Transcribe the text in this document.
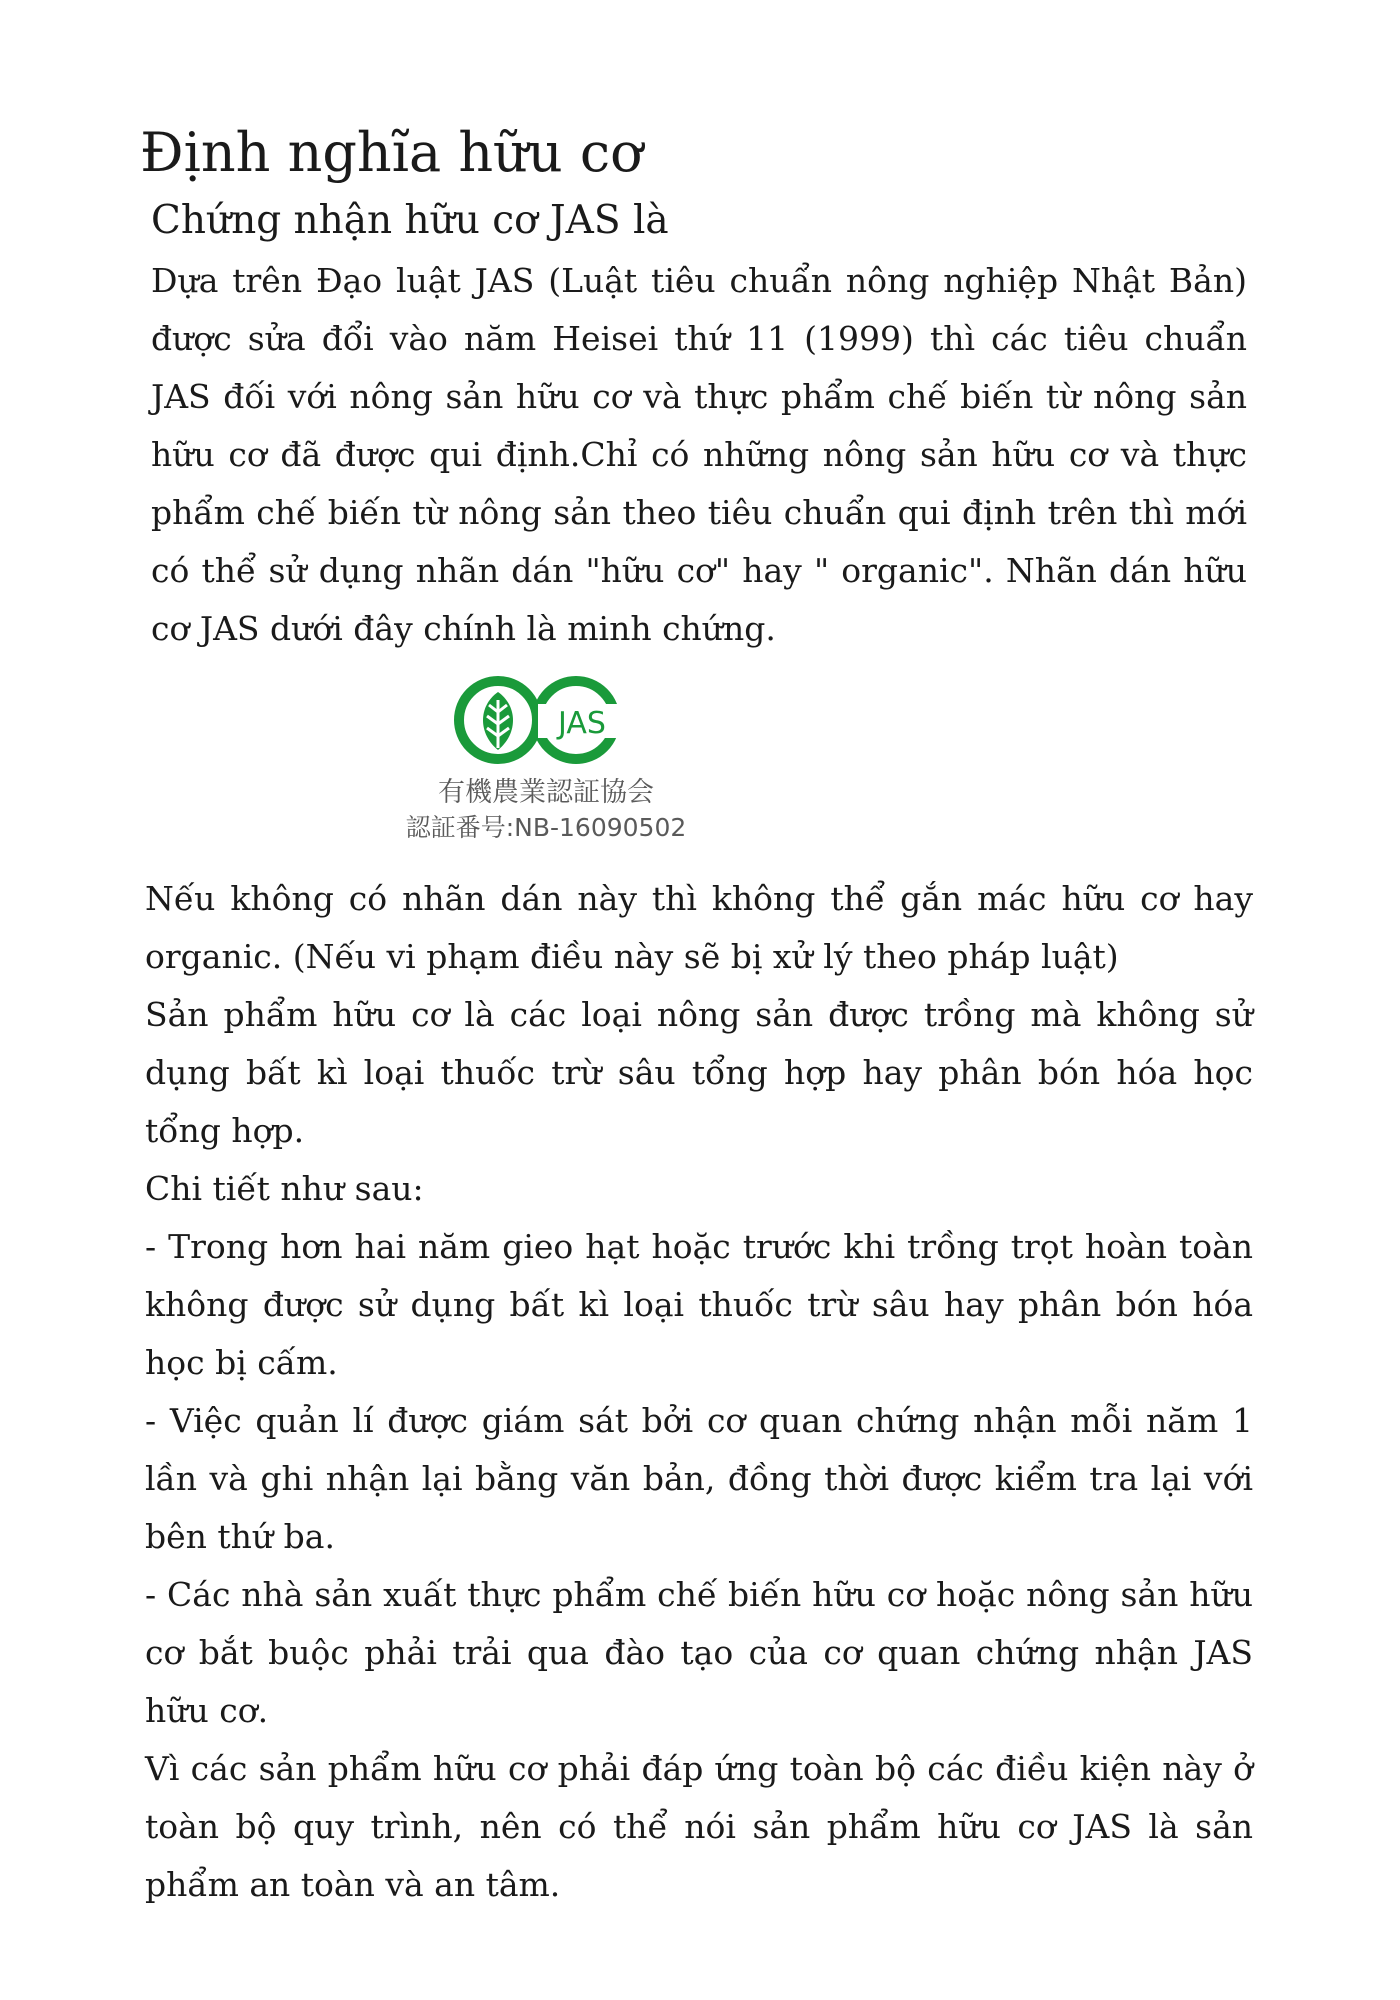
Định nghĩa hữu cơ
Chứng nhận hữu cơ JAS là

Dựa trên Đạo luật JAS (Luật tiêu chuẩn nông nghiệp Nhật Bản) được sửa đổi vào năm Heisei thứ 11 (1999) thì các tiêu chuẩn JAS đối với nông sản hữu cơ và thực phẩm chế biến từ nông sản hữu cơ đã được qui định.Chỉ có những nông sản hữu cơ và thực phẩm chế biến từ nông sản theo tiêu chuẩn qui định trên thì mới có thể sử dụng nhãn dán "hữu cơ" hay " organic". Nhãn dán hữu cơ JAS dưới đây chính là minh chứng.

JAS
有機農業認証協会
認証番号:NB-16090502

Nếu không có nhãn dán này thì không thể gắn mác hữu cơ hay organic. (Nếu vi phạm điều này sẽ bị xử lý theo pháp luật)

Sản phẩm hữu cơ là các loại nông sản được trồng mà không sử dụng bất kì loại thuốc trừ sâu tổng hợp hay phân bón hóa học tổng hợp.

Chi tiết như sau:

- Trong hơn hai năm gieo hạt hoặc trước khi trồng trọt hoàn toàn không được sử dụng bất kì loại thuốc trừ sâu hay phân bón hóa học bị cấm.

- Việc quản lí được giám sát bởi cơ quan chứng nhận mỗi năm 1 lần và ghi nhận lại bằng văn bản, đồng thời được kiểm tra lại với bên thứ ba.

- Các nhà sản xuất thực phẩm chế biến hữu cơ hoặc nông sản hữu cơ bắt buộc phải trải qua đào tạo của cơ quan chứng nhận JAS hữu cơ.

Vì các sản phẩm hữu cơ phải đáp ứng toàn bộ các điều kiện này ở toàn bộ quy trình, nên có thể nói sản phẩm hữu cơ JAS là sản phẩm an toàn và an tâm.
